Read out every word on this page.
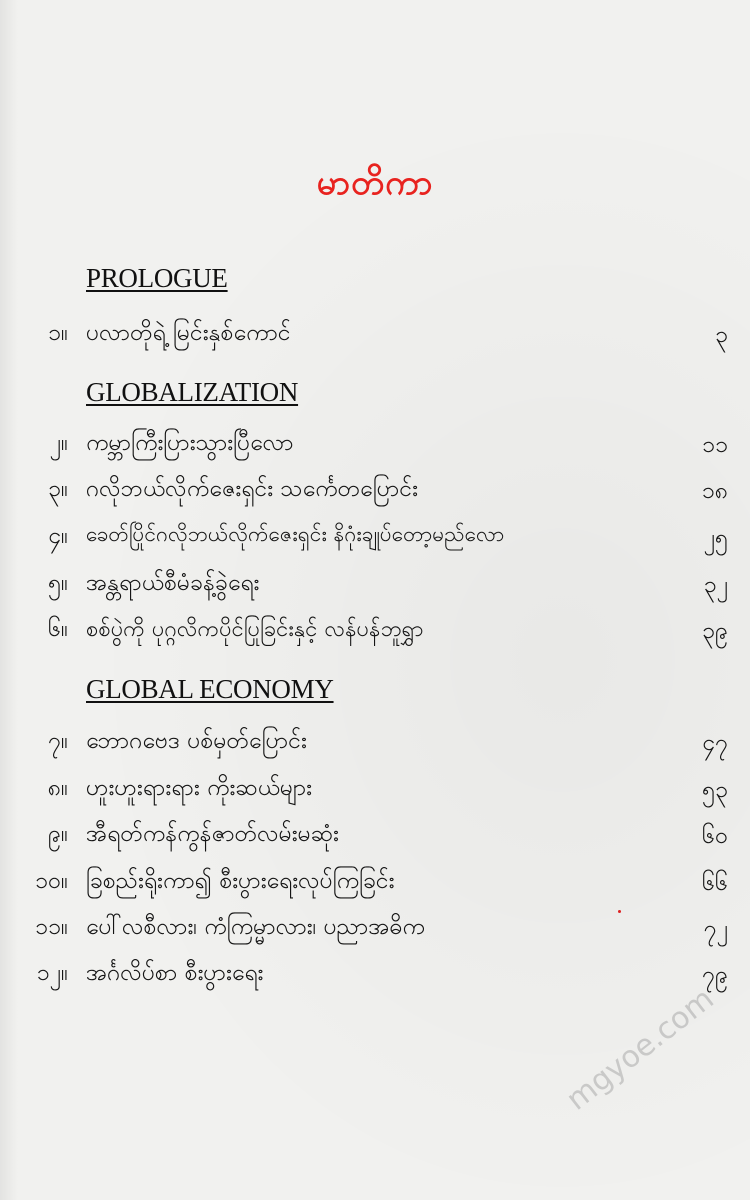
မာတိကာ
PROLOGUE
၁။ ပလာတိုရဲ့ မြင်းနှစ်ကောင်	၃
GLOBALIZATION
၂။ ကမ္ဘာကြီးပြားသွားပြီလော	၁၁
၃။ ဂလိုဘယ်လိုက်ဇေးရှင်း သင်္ကေတပြောင်း	၁၈
၄။ ခေတ်ပြိုင်ဂလိုဘယ်လိုက်ဇေးရှင်း နိဂုံးချုပ်တော့မည်လော	၂၅
၅။ အန္တရာယ်စီမံခန့်ခွဲရေး	၃၂
၆။ စစ်ပွဲကို ပုဂ္ဂလိကပိုင်ပြုခြင်းနှင့် လန်ပန်ဘူရွှာ	၃၉
GLOBAL ECONOMY
၇။ ဘောဂဗေဒ ပစ်မှတ်ပြောင်း	၄၇
၈။ ဟူးဟူးရားရား ကိုးဆယ်များ	၅၃
၉။ အီရတ်ကန်ကွန်ဇာတ်လမ်းမဆုံး	၆၀
၁၀။ ခြစည်းရိုးကာ၍ စီးပွားရေးလုပ်ကြခြင်း	၆၆
၁၁။ ပေါ်လစီလား၊ ကံကြမ္မာလား၊ ပညာအဓိက	၇၂
၁၂။ အင်္ဂလိပ်စာ စီးပွားရေး	၇၉
mgyoe.com
